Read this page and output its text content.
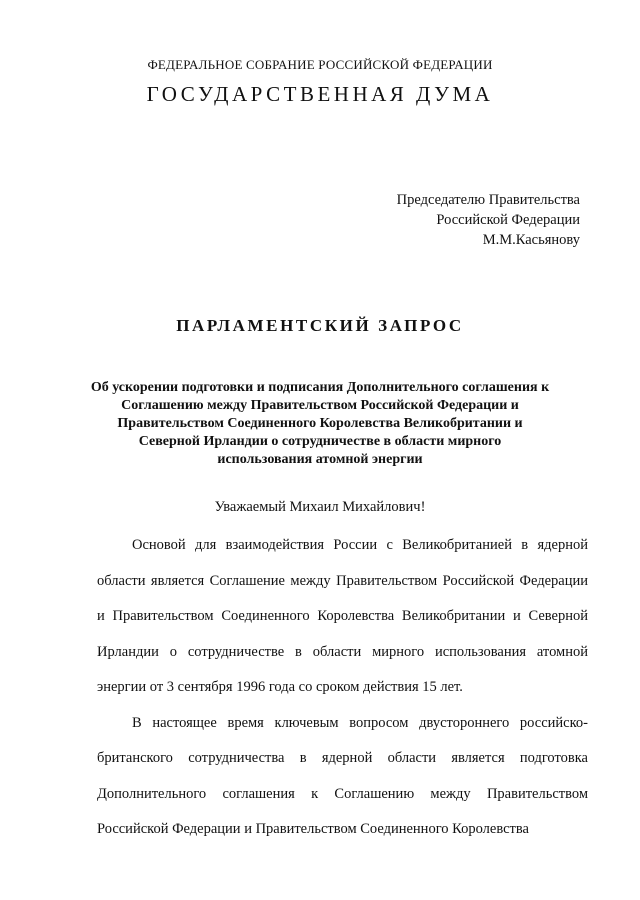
ФЕДЕРАЛЬНОЕ СОБРАНИЕ РОССИЙСКОЙ ФЕДЕРАЦИИ
ГОСУДАРСТВЕННАЯ ДУМА
Председателю Правительства
Российской Федерации
М.М.Касьянову
ПАРЛАМЕНТСКИЙ ЗАПРОС
Об ускорении подготовки и подписания Дополнительного соглашения к Соглашению между Правительством Российской Федерации и Правительством Соединенного Королевства Великобритании и Северной Ирландии о сотрудничестве в области мирного использования атомной энергии
Уважаемый Михаил Михайлович!

Основой для взаимодействия России с Великобританией в ядерной области является Соглашение между Правительством Российской Федерации и Правительством Соединенного Королевства Великобритании и Северной Ирландии о сотрудничестве в области мирного использования атомной энергии от 3 сентября 1996 года со сроком действия 15 лет.

В настоящее время ключевым вопросом двустороннего российско-британского сотрудничества в ядерной области является подготовка Дополнительного соглашения к Соглашению между Правительством Российской Федерации и Правительством Соединенного Королевства
